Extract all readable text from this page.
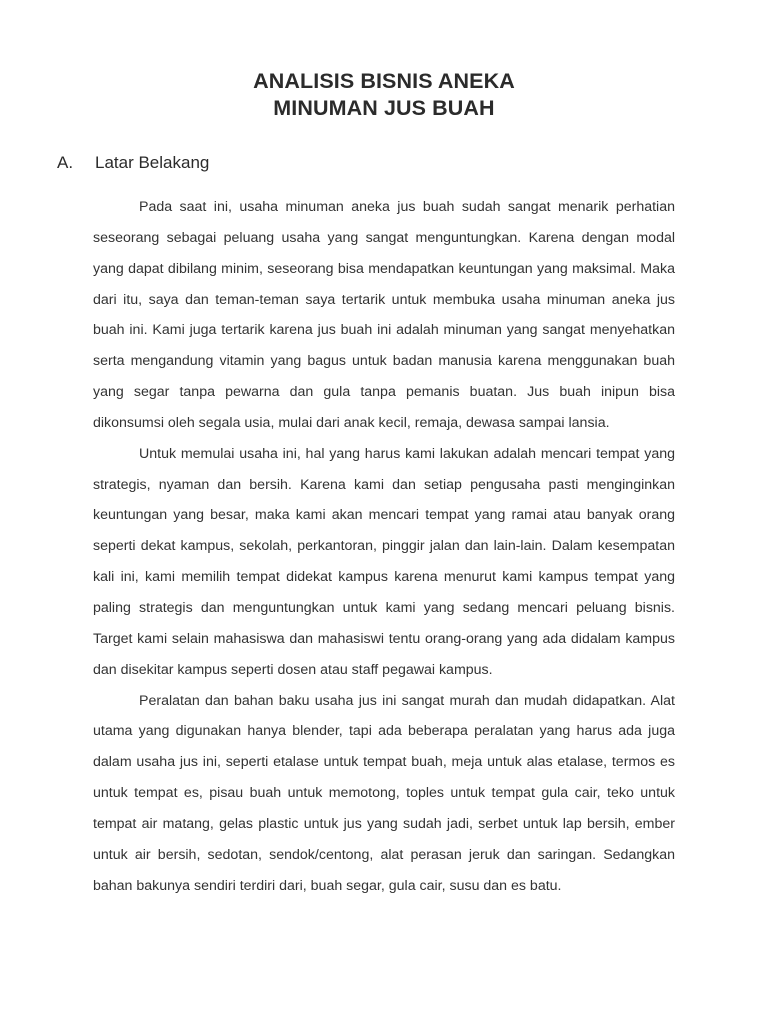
ANALISIS BISNIS ANEKA
MINUMAN JUS BUAH
A. Latar Belakang

Pada saat ini, usaha minuman aneka jus buah sudah sangat menarik perhatian seseorang sebagai peluang usaha yang sangat menguntungkan. Karena dengan modal yang dapat dibilang minim, seseorang bisa mendapatkan keuntungan yang maksimal. Maka dari itu, saya dan teman-teman saya tertarik untuk membuka usaha minuman aneka jus buah ini. Kami juga tertarik karena jus buah ini adalah minuman yang sangat menyehatkan serta mengandung vitamin yang bagus untuk badan manusia karena menggunakan buah yang segar tanpa pewarna dan gula tanpa pemanis buatan. Jus buah inipun bisa dikonsumsi oleh segala usia, mulai dari anak kecil, remaja, dewasa sampai lansia.

Untuk memulai usaha ini, hal yang harus kami lakukan adalah mencari tempat yang strategis, nyaman dan bersih. Karena kami dan setiap pengusaha pasti menginginkan keuntungan yang besar, maka kami akan mencari tempat yang ramai atau banyak orang seperti dekat kampus, sekolah, perkantoran, pinggir jalan dan lain-lain. Dalam kesempatan kali ini, kami memilih tempat didekat kampus karena menurut kami kampus tempat yang paling strategis dan menguntungkan untuk kami yang sedang mencari peluang bisnis. Target kami selain mahasiswa dan mahasiswi tentu orang-orang yang ada didalam kampus dan disekitar kampus seperti dosen atau staff pegawai kampus.

Peralatan dan bahan baku usaha jus ini sangat murah dan mudah didapatkan. Alat utama yang digunakan hanya blender, tapi ada beberapa peralatan yang harus ada juga dalam usaha jus ini, seperti etalase untuk tempat buah, meja untuk alas etalase, termos es untuk tempat es, pisau buah untuk memotong, toples untuk tempat gula cair, teko untuk tempat air matang, gelas plastic untuk jus yang sudah jadi, serbet untuk lap bersih, ember untuk air bersih, sedotan, sendok/centong, alat perasan jeruk dan saringan. Sedangkan bahan bakunya sendiri terdiri dari, buah segar, gula cair, susu dan es batu.
